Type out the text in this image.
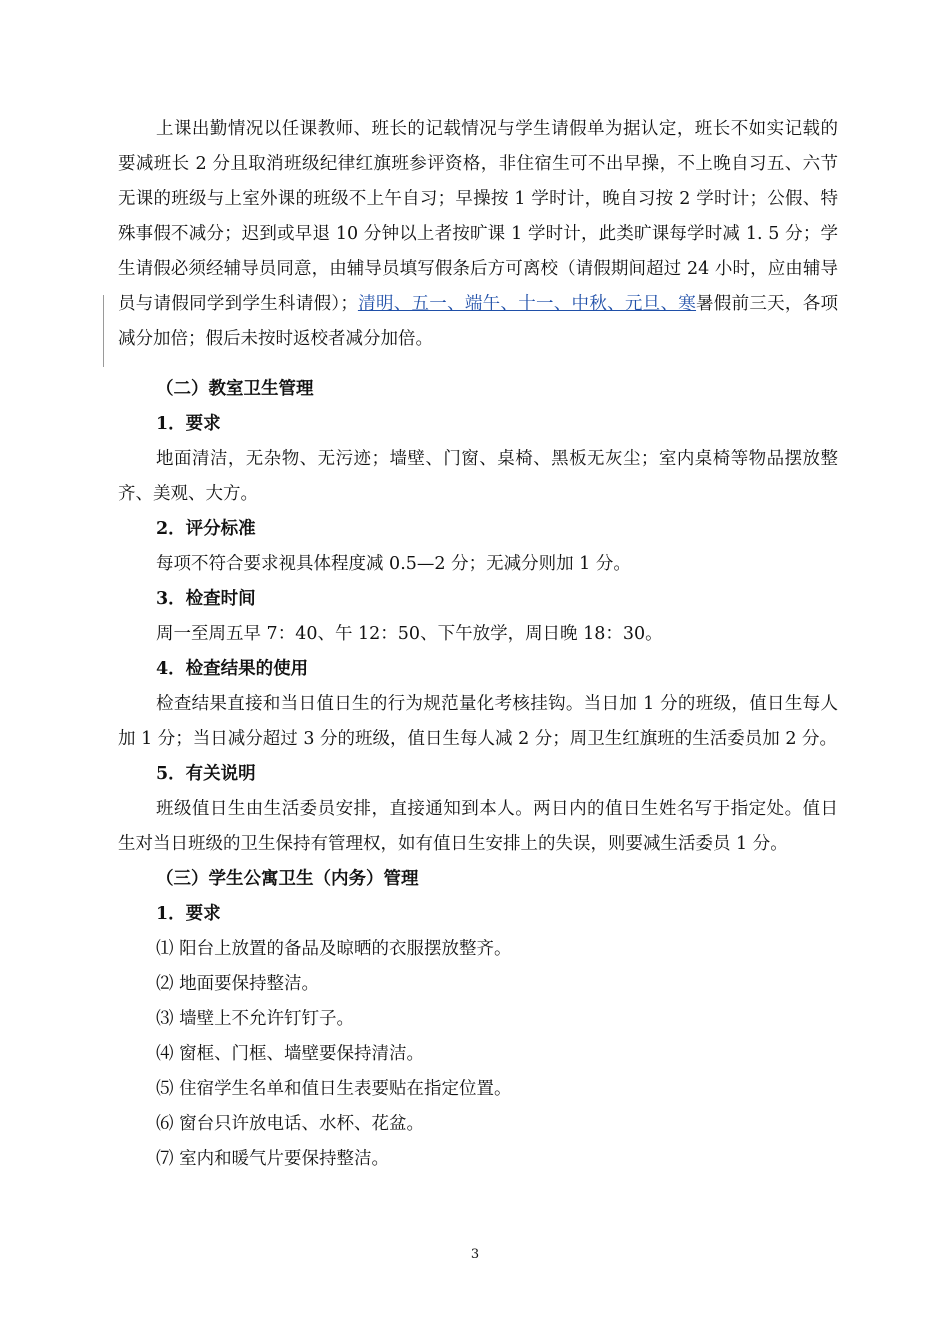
上课出勤情况以任课教师、班长的记载情况与学生请假单为据认定，班长不如实记载的要减班长 2 分且取消班级纪律红旗班参评资格，非住宿生可不出早操，不上晚自习五、六节无课的班级与上室外课的班级不上午自习；早操按 1 学时计，晚自习按 2 学时计；公假、特殊事假不减分；迟到或早退 10 分钟以上者按旷课 1 学时计，此类旷课每学时减 1. 5 分；学生请假必须经辅导员同意，由辅导员填写假条后方可离校（请假期间超过 24 小时，应由辅导员与请假同学到学生科请假）；清明、五一、端午、十一、中秋、元旦、寒暑假前三天，各项减分加倍；假后未按时返校者减分加倍。

（二）教室卫生管理

1．要求

地面清洁，无杂物、无污迹；墙壁、门窗、桌椅、黑板无灰尘；室内桌椅等物品摆放整齐、美观、大方。

2．评分标准

每项不符合要求视具体程度减 0.5—2 分；无减分则加 1 分。

3．检查时间

周一至周五早 7：40、午 12：50、下午放学，周日晚 18：30。

4．检查结果的使用

检查结果直接和当日值日生的行为规范量化考核挂钩。当日加 1 分的班级，值日生每人加 1 分；当日减分超过 3 分的班级，值日生每人减 2 分；周卫生红旗班的生活委员加 2 分。

5．有关说明

班级值日生由生活委员安排，直接通知到本人。两日内的值日生姓名写于指定处。值日生对当日班级的卫生保持有管理权，如有值日生安排上的失误，则要减生活委员 1 分。

（三）学生公寓卫生（内务）管理

1．要求

⑴ 阳台上放置的备品及晾晒的衣服摆放整齐。

⑵ 地面要保持整洁。

⑶ 墙壁上不允许钉钉子。

⑷ 窗框、门框、墙壁要保持清洁。

⑸ 住宿学生名单和值日生表要贴在指定位置。

⑹ 窗台只许放电话、水杯、花盆。

⑺ 室内和暖气片要保持整洁。

3
